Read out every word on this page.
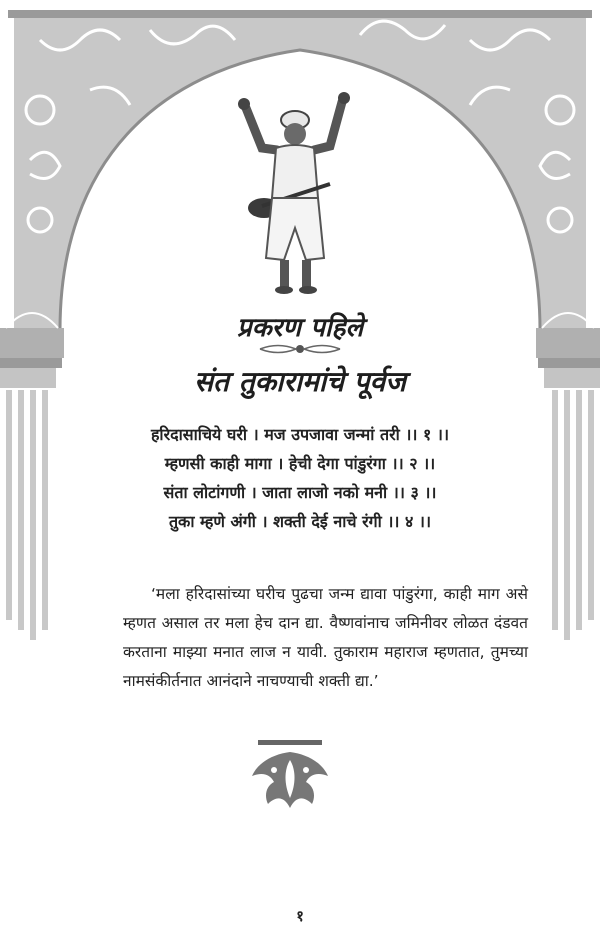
प्रकरण पहिले
संत तुकारामांचे पूर्वज
हरिदासाचिये घरी । मज उपजावा जन्मां तरी ।। १ ।।
म्हणसी काही मागा । हेची देगा पांडुरंगा ।। २ ।।
संता लोटांगणी । जाता लाजो नको मनी ।। ३ ।।
तुका म्हणे अंगी । शक्ती देई नाचे रंगी ।। ४ ।।

‘मला हरिदासांच्या घरीच पुढचा जन्म द्यावा पांडुरंगा, काही माग असे म्हणत असाल तर मला हेच दान द्या. वैष्णवांनाच जमिनीवर लोळत दंडवत करताना माझ्या मनात लाज न यावी. तुकाराम महाराज म्हणतात, तुमच्या नामसंकीर्तनात आनंदाने नाचण्याची शक्ती द्या.’

१
